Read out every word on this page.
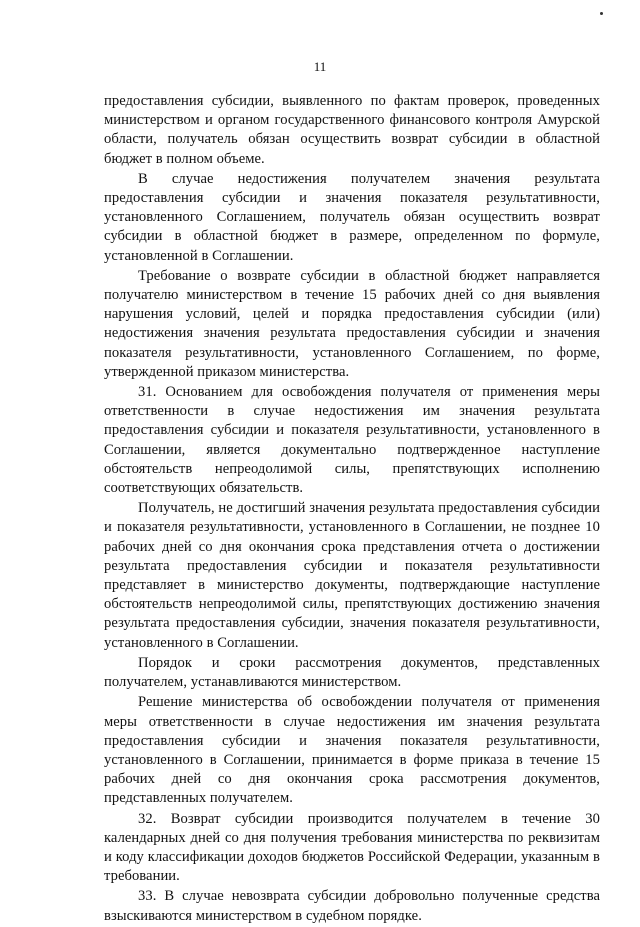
11

предоставления субсидии, выявленного по фактам проверок, проведенных министерством и органом государственного финансового контроля Амурской области, получатель обязан осуществить возврат субсидии в областной бюджет в полном объеме.

В случае недостижения получателем значения результата предоставления субсидии и значения показателя результативности, установленного Соглашением, получатель обязан осуществить возврат субсидии в областной бюджет в размере, определенном по формуле, установленной в Соглашении.

Требование о возврате субсидии в областной бюджет направляется получателю министерством в течение 15 рабочих дней со дня выявления нарушения условий, целей и порядка предоставления субсидии (или) недостижения значения результата предоставления субсидии и значения показателя результативности, установленного Соглашением, по форме, утвержденной приказом министерства.

31. Основанием для освобождения получателя от применения меры ответственности в случае недостижения им значения результата предоставления субсидии и показателя результативности, установленного в Соглашении, является документально подтвержденное наступление обстоятельств непреодолимой силы, препятствующих исполнению соответствующих обязательств.

Получатель, не достигший значения результата предоставления субсидии и показателя результативности, установленного в Соглашении, не позднее 10 рабочих дней со дня окончания срока представления отчета о достижении результата предоставления субсидии и показателя результативности представляет в министерство документы, подтверждающие наступление обстоятельств непреодолимой силы, препятствующих достижению значения результата предоставления субсидии, значения показателя результативности, установленного в Соглашении.

Порядок и сроки рассмотрения документов, представленных получателем, устанавливаются министерством.

Решение министерства об освобождении получателя от применения меры ответственности в случае недостижения им значения результата предоставления субсидии и значения показателя результативности, установленного в Соглашении, принимается в форме приказа в течение 15 рабочих дней со дня окончания срока рассмотрения документов, представленных получателем.

32. Возврат субсидии производится получателем в течение 30 календарных дней со дня получения требования министерства по реквизитам и коду классификации доходов бюджетов Российской Федерации, указанным в требовании.

33. В случае невозврата субсидии добровольно полученные средства взыскиваются министерством в судебном порядке.
